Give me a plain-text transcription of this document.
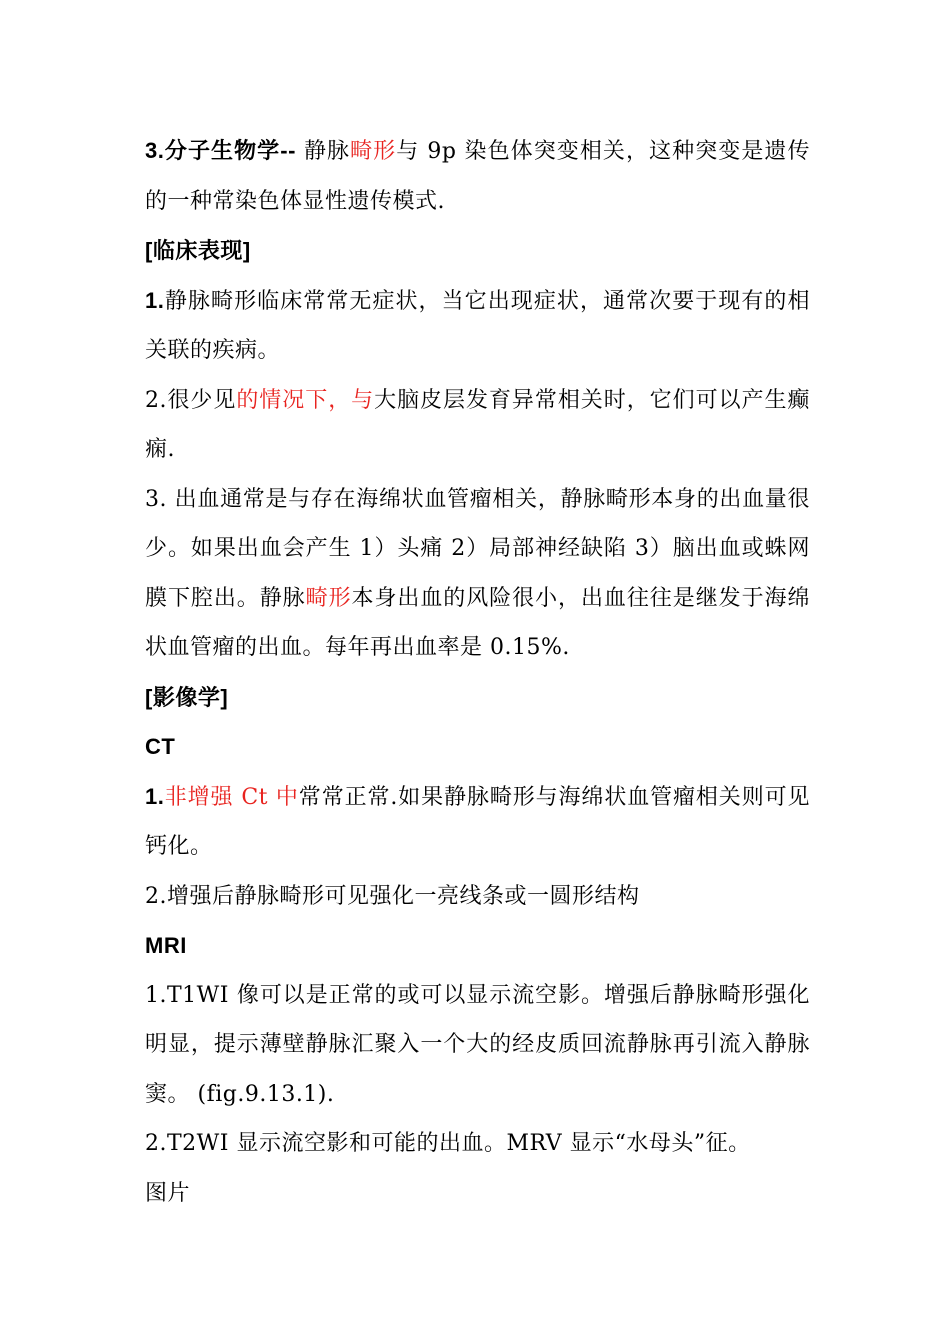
3.分子生物学-- 静脉畸形与 9p 染色体突变相关，这种突变是遗传的一种常染色体显性遗传模式.

[临床表现]

1.静脉畸形临床常常无症状，当它出现症状，通常次要于现有的相关联的疾病。

2.很少见的情况下，与大脑皮层发育异常相关时，它们可以产生癫痫.

3. 出血通常是与存在海绵状血管瘤相关，静脉畸形本身的出血量很少。如果出血会产生 1）头痛 2）局部神经缺陷 3）脑出血或蛛网膜下腔出。静脉畸形本身出血的风险很小，出血往往是继发于海绵状血管瘤的出血。每年再出血率是 0.15%.

[影像学]

CT

1.非增强 Ct 中常常正常.如果静脉畸形与海绵状血管瘤相关则可见钙化。

2.增强后静脉畸形可见强化一亮线条或一圆形结构

MRI

1.T1WI 像可以是正常的或可以显示流空影。增强后静脉畸形强化明显，提示薄壁静脉汇聚入一个大的经皮质回流静脉再引流入静脉窦。 (fig.9.13.1).

2.T2WI 显示流空影和可能的出血。MRV 显示“水母头”征。

图片
